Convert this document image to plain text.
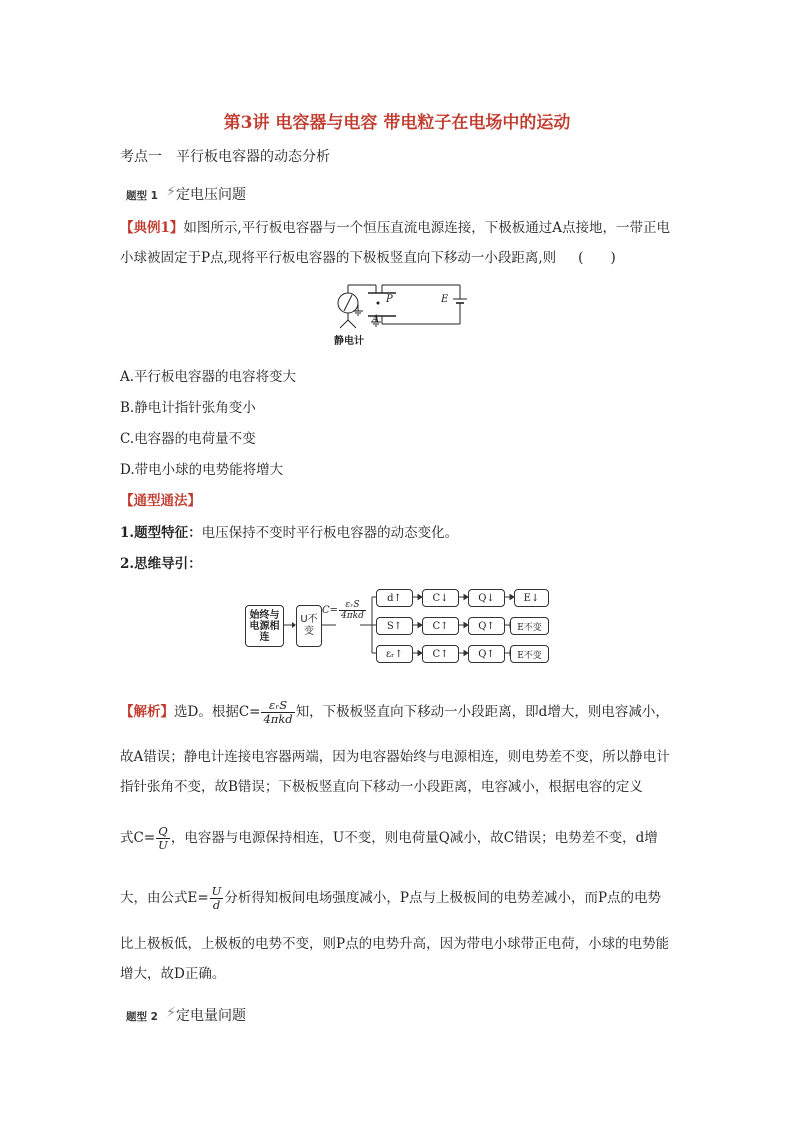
第3讲 电容器与电容 带电粒子在电场中的运动
考点一　平行板电容器的动态分析
题型 1 ⚡ 定电压问题
【典例1】如图所示,平行板电容器与一个恒压直流电源连接，下极板通过A点接地，一带正电小球被固定于P点,现将平行板电容器的下极板竖直向下移动一小段距离,则 (　　)
P
A
E
静电计
A.平行板电容器的电容将变大
B.静电计指针张角变小
C.电容器的电荷量不变
D.带电小球的电势能将增大
【通型通法】
1.题型特征：电压保持不变时平行板电容器的动态变化。
2.思维导引：
始终与电源相连
U不变
$C= \frac{\text{εᵣS}}{\text{4πkd}}$
d↑	C↓	Q↓	E↓
S↑	C↑	Q↑	E不变
εᵣ↑	C↑	Q↑	E不变
【解析】选D。根据$C= \frac{\text{εᵣS}}{\text{4πkd}}$ 知，下极板竖直向下移动一小段距离，即d增大，则电容减小，
故A错误；静电计连接电容器两端，因为电容器始终与电源相连，则电势差不变，所以静电计指针张角不变，故B错误；下极板竖直向下移动一小段距离，电容减小，根据电容的定义
式$C= \frac{Q}{U}$ ，电容器与电源保持相连，U不变，则电荷量Q减小，故C错误；电势差不变，d增
大，由公式$E= \frac{U}{d}$ 分析得知板间电场强度减小，P点与上极板间的电势差减小，而P点的电势
比上极板低，上极板的电势不变，则P点的电势升高，因为带电小球带正电荷，小球的电势能增大，故D正确。
题型 2 ⚡ 定电量问题
